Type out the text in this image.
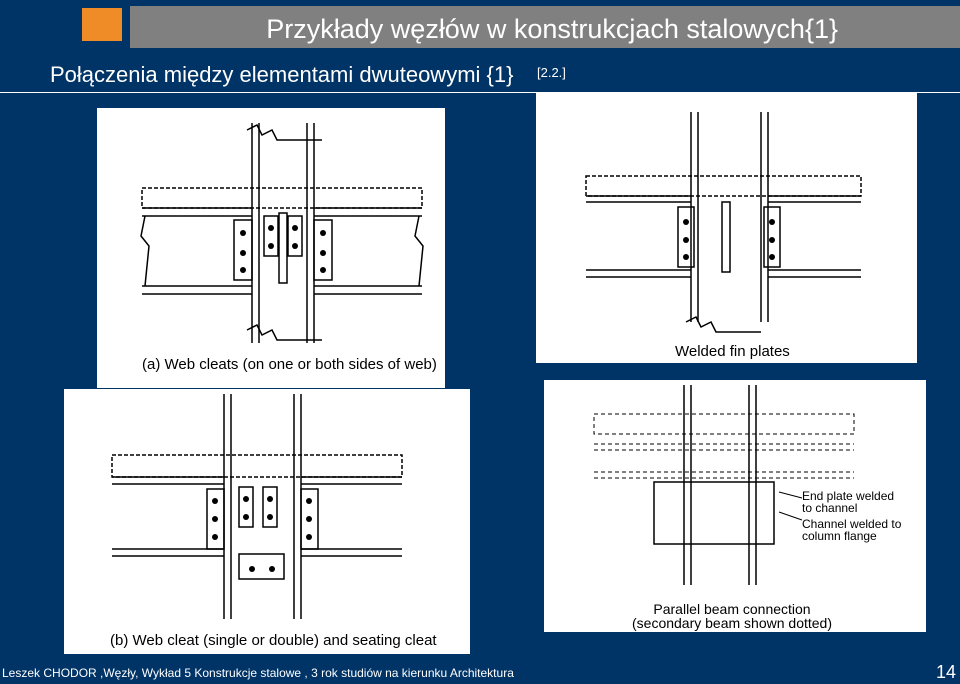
Przykłady węzłów w konstrukcjach stalowych{1}
Połączenia między elementami dwuteowymi {1} [2.2.]
(a) Web cleats (on one or both sides of web)
Welded fin plates
(b) Web cleat (single or double) and seating cleat
End plate welded
to channel
Channel welded to
column flange
Parallel beam connection
(secondary beam shown dotted)
Leszek CHODOR ,Węzły, Wykład 5 Konstrukcje stalowe , 3 rok studiów na kierunku Architektura	14
